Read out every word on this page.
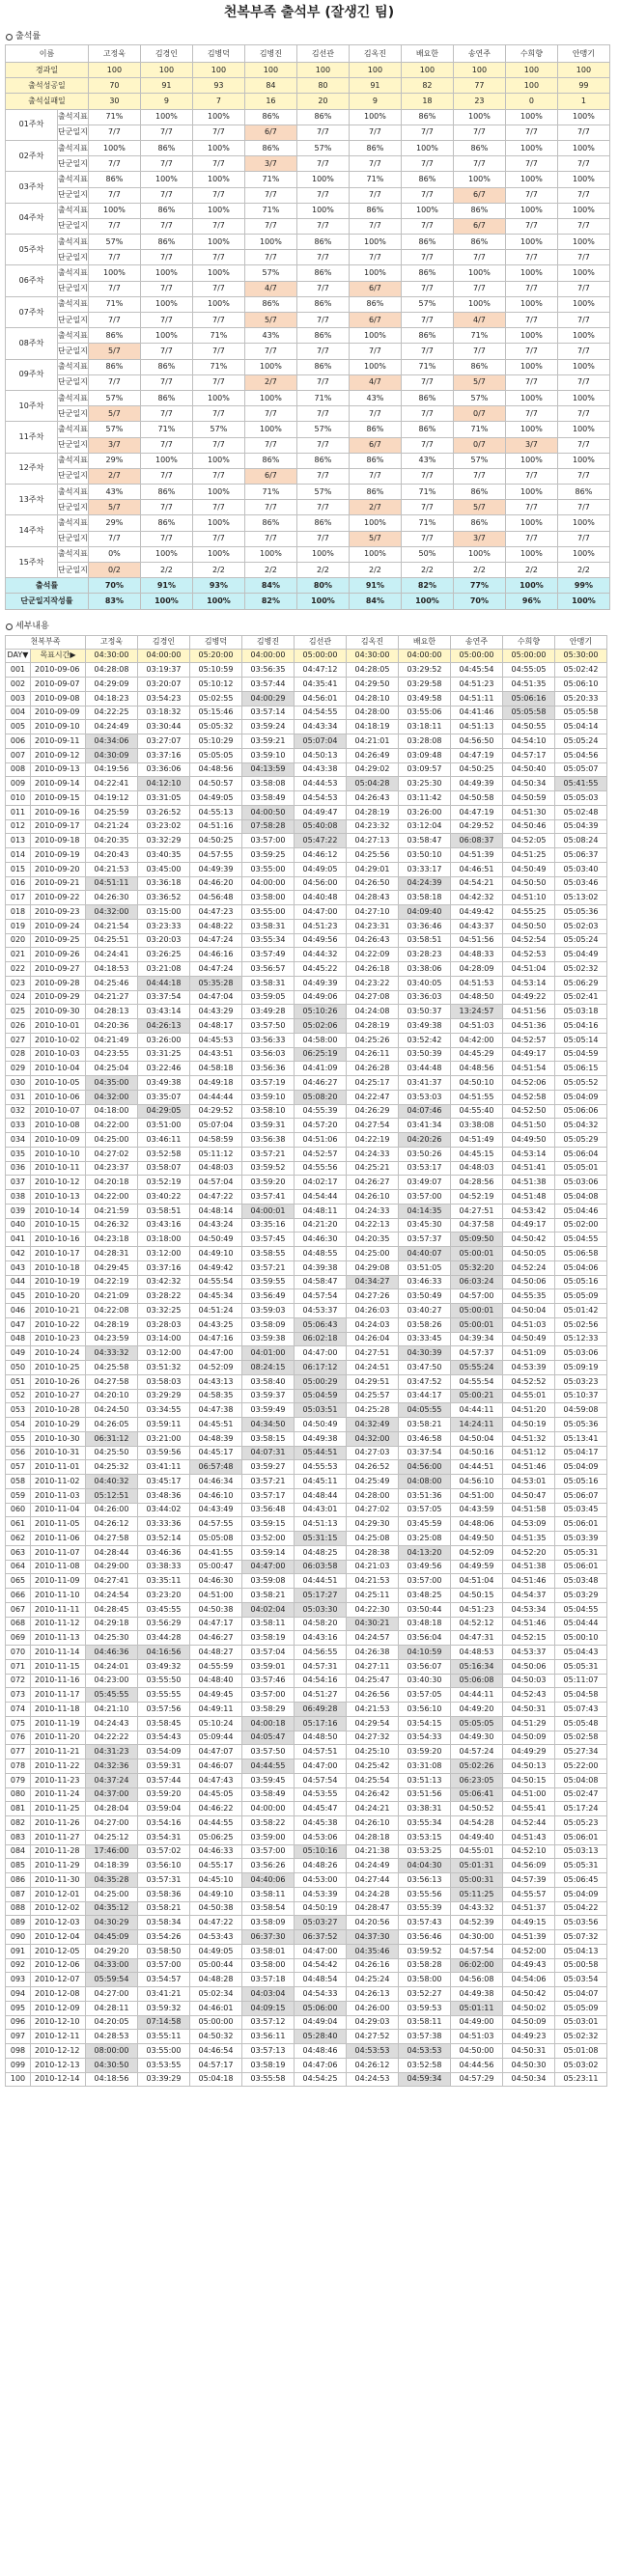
천복부족 출석부 (잘생긴 팀)
출석률
이름		고정욱	김경인	김병덕	김병진	김선관	김옥진	배요한	송연주	수희향	안맹기
경과일		100	100	100	100	100	100	100	100	100	100
출석성공일		70	91	93	84	80	91	82	77	100	99
출석실패일		30	9	7	16	20	9	18	23	0	1
01주차	출석지표	71%	100%	100%	86%	86%	100%	86%	100%	100%	100%
	단군일지	7/7	7/7	7/7	6/7	7/7	7/7	7/7	7/7	7/7	7/7
02주차	출석지표	100%	86%	100%	86%	57%	86%	100%	86%	100%	100%
	단군일지	7/7	7/7	7/7	3/7	7/7	7/7	7/7	7/7	7/7	7/7
03주차	출석지표	86%	100%	100%	71%	100%	71%	86%	100%	100%	100%
	단군일지	7/7	7/7	7/7	7/7	7/7	7/7	7/7	6/7	7/7	7/7
04주차	출석지표	100%	86%	100%	71%	100%	86%	100%	86%	100%	100%
	단군일지	7/7	7/7	7/7	7/7	7/7	7/7	7/7	6/7	7/7	7/7
05주차	출석지표	57%	86%	100%	100%	86%	100%	86%	86%	100%	100%
	단군일지	7/7	7/7	7/7	7/7	7/7	7/7	7/7	7/7	7/7	7/7
06주차	출석지표	100%	100%	100%	57%	86%	100%	86%	100%	100%	100%
	단군일지	7/7	7/7	7/7	4/7	7/7	6/7	7/7	7/7	7/7	7/7
07주차	출석지표	71%	100%	100%	86%	86%	86%	57%	100%	100%	100%
	단군일지	7/7	7/7	7/7	5/7	7/7	6/7	7/7	4/7	7/7	7/7
08주차	출석지표	86%	100%	71%	43%	86%	100%	86%	71%	100%	100%
	단군일지	5/7	7/7	7/7	7/7	7/7	7/7	7/7	7/7	7/7	7/7
09주차	출석지표	86%	86%	71%	100%	86%	100%	71%	86%	100%	100%
	단군일지	7/7	7/7	7/7	2/7	7/7	4/7	7/7	5/7	7/7	7/7
10주차	출석지표	57%	86%	100%	100%	71%	43%	86%	57%	100%	100%
	단군일지	5/7	7/7	7/7	7/7	7/7	7/7	7/7	0/7	7/7	7/7
11주차	출석지표	57%	71%	57%	100%	57%	86%	86%	71%	100%	100%
	단군일지	3/7	7/7	7/7	7/7	7/7	6/7	7/7	0/7	3/7	7/7
12주차	출석지표	29%	100%	100%	86%	86%	86%	43%	57%	100%	100%
	단군일지	2/7	7/7	7/7	6/7	7/7	7/7	7/7	7/7	7/7	7/7
13주차	출석지표	43%	86%	100%	71%	57%	86%	71%	86%	100%	86%
	단군일지	5/7	7/7	7/7	7/7	7/7	2/7	7/7	5/7	7/7	7/7
14주차	출석지표	29%	86%	100%	86%	86%	100%	71%	86%	100%	100%
	단군일지	7/7	7/7	7/7	7/7	7/7	5/7	7/7	3/7	7/7	7/7
15주차	출석지표	0%	100%	100%	100%	100%	100%	50%	100%	100%	100%
	단군일지	0/2	2/2	2/2	2/2	2/2	2/2	2/2	2/2	2/2	2/2
출석률		70%	91%	93%	84%	80%	91%	82%	77%	100%	99%
단군일지작성률		83%	100%	100%	82%	100%	84%	100%	70%	96%	100%
세부내용
천복부족		고정욱	김경인	김병덕	김병진	김선관	김옥진	배요한	송연주	수희향	안맹기
DAY▼	목표시간▶	04:30:00	04:00:00	05:20:00	04:00:00	05:00:00	04:30:00	04:00:00	05:00:00	05:00:00	05:30:00
001	2010-09-06	04:28:08	03:19:37	05:10:59	03:56:35	04:47:12	04:28:05	03:29:52	04:45:54	04:55:05	05:02:42
002	2010-09-07	04:29:09	03:20:07	05:10:12	03:57:44	04:35:41	04:29:50	03:29:58	04:51:23	04:51:35	05:06:10
003	2010-09-08	04:18:23	03:54:23	05:02:55	04:00:29	04:56:01	04:28:10	03:49:58	04:51:11	05:06:16	05:20:33
004	2010-09-09	04:22:25	03:18:32	05:15:46	03:57:14	04:54:55	04:28:00	03:55:06	04:41:46	05:05:58	05:05:58
005	2010-09-10	04:24:49	03:30:44	05:05:32	03:59:24	04:43:34	04:18:19	03:18:11	04:51:13	04:50:55	05:04:14
006	2010-09-11	04:34:06	03:27:07	05:10:29	03:59:21	05:07:04	04:21:01	03:28:08	04:56:50	04:54:10	05:05:24
007	2010-09-12	04:30:09	03:37:16	05:05:05	03:59:10	04:50:13	04:26:49	03:09:48	04:47:19	04:57:17	05:04:56
008	2010-09-13	04:19:56	03:36:06	04:48:56	04:13:59	04:43:38	04:29:02	03:09:57	04:50:25	04:50:40	05:05:07
009	2010-09-14	04:22:41	04:12:10	04:50:57	03:58:08	04:44:53	05:04:28	03:25:30	04:49:39	04:50:34	05:41:55
010	2010-09-15	04:19:12	03:31:05	04:49:05	03:58:49	04:54:53	04:26:43	03:11:42	04:50:58	04:50:59	05:05:03
011	2010-09-16	04:25:59	03:26:52	04:55:13	04:00:50	04:49:47	04:28:19	03:26:00	04:47:19	04:51:30	05:02:48
012	2010-09-17	04:21:24	03:23:02	04:51:16	07:58:28	05:40:08	04:23:32	03:12:04	04:29:52	04:50:46	05:04:39
013	2010-09-18	04:20:35	03:32:29	04:50:25	03:57:00	05:47:22	04:27:13	03:58:47	06:08:37	04:52:05	05:08:24
014	2010-09-19	04:20:43	03:40:35	04:57:55	03:59:25	04:46:12	04:25:56	03:50:10	04:51:39	04:51:25	05:06:37
015	2010-09-20	04:21:53	03:45:00	04:49:39	03:55:00	04:49:05	04:29:01	03:33:17	04:46:51	04:50:49	05:03:40
016	2010-09-21	04:51:11	03:36:18	04:46:20	04:00:00	04:56:00	04:26:50	04:24:39	04:54:21	04:50:50	05:03:46
017	2010-09-22	04:26:30	03:36:52	04:56:48	03:58:00	04:40:48	04:28:43	03:58:18	04:42:32	04:51:10	05:13:02
018	2010-09-23	04:32:00	03:15:00	04:47:23	03:55:00	04:47:00	04:27:10	04:09:40	04:49:42	04:55:25	05:05:36
019	2010-09-24	04:21:54	03:23:33	04:48:22	03:58:31	04:51:23	04:23:31	03:36:46	04:43:37	04:50:50	05:02:03
020	2010-09-25	04:25:51	03:20:03	04:47:24	03:55:34	04:49:56	04:26:43	03:58:51	04:51:56	04:52:54	05:05:24
021	2010-09-26	04:24:41	03:26:25	04:46:16	03:57:49	04:44:32	04:22:09	03:28:23	04:48:33	04:52:53	05:04:49
022	2010-09-27	04:18:53	03:21:08	04:47:24	03:56:57	04:45:22	04:26:18	03:38:06	04:28:09	04:51:04	05:02:32
023	2010-09-28	04:25:46	04:44:18	05:35:28	03:58:31	04:49:39	04:23:22	03:40:05	04:51:53	04:53:14	05:06:29
024	2010-09-29	04:21:27	03:37:54	04:47:04	03:59:05	04:49:06	04:27:08	03:36:03	04:48:50	04:49:22	05:02:41
025	2010-09-30	04:28:13	03:43:14	04:43:29	03:49:28	05:10:26	04:24:08	03:50:37	13:24:57	04:51:56	05:03:18
026	2010-10-01	04:20:36	04:26:13	04:48:17	03:57:50	05:02:06	04:28:19	03:49:38	04:51:03	04:51:36	05:04:16
027	2010-10-02	04:21:49	03:26:00	04:45:53	03:56:33	04:58:00	04:25:26	03:52:42	04:42:00	04:52:57	05:05:14
028	2010-10-03	04:23:55	03:31:25	04:43:51	03:56:03	06:25:19	04:26:11	03:50:39	04:45:29	04:49:17	05:04:59
029	2010-10-04	04:25:04	03:22:46	04:58:18	03:56:36	04:41:09	04:26:28	03:44:48	04:48:56	04:51:54	05:06:15
030	2010-10-05	04:35:00	03:49:38	04:49:18	03:57:19	04:46:27	04:25:17	03:41:37	04:50:10	04:52:06	05:05:52
031	2010-10-06	04:32:00	03:35:07	04:44:44	03:59:10	05:08:20	04:22:47	03:53:03	04:51:55	04:52:58	05:04:09
032	2010-10-07	04:18:00	04:29:05	04:29:52	03:58:10	04:55:39	04:26:29	04:07:46	04:55:40	04:52:50	05:06:06
033	2010-10-08	04:22:00	03:51:00	05:07:04	03:59:31	04:57:20	04:27:54	03:41:34	03:38:08	04:51:50	05:04:32
034	2010-10-09	04:25:00	03:46:11	04:58:59	03:56:38	04:51:06	04:22:19	04:20:26	04:51:49	04:49:50	05:05:29
035	2010-10-10	04:27:02	03:52:58	05:11:12	03:57:21	04:52:57	04:24:33	03:50:26	04:45:15	04:53:14	05:06:04
036	2010-10-11	04:23:37	03:58:07	04:48:03	03:59:52	04:55:56	04:25:21	03:53:17	04:48:03	04:51:41	05:05:01
037	2010-10-12	04:20:18	03:52:19	04:57:04	03:59:20	04:02:17	04:26:27	03:49:07	04:28:56	04:51:38	05:03:06
038	2010-10-13	04:22:00	03:40:22	04:47:22	03:57:41	04:54:44	04:26:10	03:57:00	04:52:19	04:51:48	05:04:08
039	2010-10-14	04:21:59	03:58:51	04:48:14	04:00:01	04:48:11	04:24:33	04:14:35	04:27:51	04:53:42	05:04:46
040	2010-10-15	04:26:32	03:43:16	04:43:24	03:35:16	04:21:20	04:22:13	03:45:30	04:37:58	04:49:17	05:02:00
041	2010-10-16	04:23:18	03:18:00	04:50:49	03:57:45	04:46:30	04:20:35	03:57:37	05:09:50	04:50:42	05:04:55
042	2010-10-17	04:28:31	03:12:00	04:49:10	03:58:55	04:48:55	04:25:00	04:40:07	05:00:01	04:50:05	05:06:58
043	2010-10-18	04:29:45	03:37:16	04:49:42	03:57:21	04:39:38	04:29:08	03:51:05	05:32:20	04:52:24	05:04:06
044	2010-10-19	04:22:19	03:42:32	04:55:54	03:59:55	04:58:47	04:34:27	03:46:33	06:03:24	04:50:06	05:05:16
045	2010-10-20	04:21:09	03:28:22	04:45:34	03:56:49	04:57:54	04:27:26	03:50:49	04:57:00	04:55:35	05:05:09
046	2010-10-21	04:22:08	03:32:25	04:51:24	03:59:03	04:53:37	04:26:03	03:40:27	05:00:01	04:50:04	05:01:42
047	2010-10-22	04:28:19	03:28:03	04:43:25	03:58:09	05:06:43	04:24:03	03:58:26	05:00:01	04:51:03	05:02:56
048	2010-10-23	04:23:59	03:14:00	04:47:16	03:59:38	06:02:18	04:26:04	03:33:45	04:39:34	04:50:49	05:12:33
049	2010-10-24	04:33:32	03:12:00	04:47:00	04:01:00	04:47:00	04:27:51	04:30:39	04:57:37	04:51:09	05:03:06
050	2010-10-25	04:25:58	03:51:32	04:52:09	08:24:15	06:17:12	04:24:51	03:47:50	05:55:24	04:53:39	05:09:19
051	2010-10-26	04:27:58	03:58:03	04:43:13	03:58:40	05:00:29	04:29:51	03:47:52	04:55:54	04:52:52	05:03:23
052	2010-10-27	04:20:10	03:29:29	04:58:35	03:59:37	05:04:59	04:25:57	03:44:17	05:00:21	04:55:01	05:10:37
053	2010-10-28	04:24:50	03:34:55	04:47:38	03:59:49	05:03:51	04:25:28	04:05:55	04:44:11	04:51:20	04:59:08
054	2010-10-29	04:26:05	03:59:11	04:45:51	04:34:50	04:50:49	04:32:49	03:58:21	14:24:11	04:50:19	05:05:36
055	2010-10-30	06:31:12	03:21:00	04:48:39	03:58:15	04:49:38	04:32:00	03:46:58	04:50:04	04:51:32	05:13:41
056	2010-10-31	04:25:50	03:59:56	04:45:17	04:07:31	05:44:51	04:27:03	03:37:54	04:50:16	04:51:12	05:04:17
057	2010-11-01	04:25:32	03:41:11	06:57:48	03:59:27	04:55:53	04:26:52	04:56:00	04:44:51	04:51:46	05:04:09
058	2010-11-02	04:40:32	03:45:17	04:46:34	03:57:21	04:45:11	04:25:49	04:08:00	04:56:10	04:53:01	05:05:16
059	2010-11-03	05:12:51	03:48:36	04:46:10	03:57:17	04:48:44	04:28:00	03:51:36	04:51:00	04:50:47	05:06:07
060	2010-11-04	04:26:00	03:44:02	04:43:49	03:56:48	04:43:01	04:27:02	03:57:05	04:43:59	04:51:58	05:03:45
061	2010-11-05	04:26:12	03:33:36	04:57:55	03:59:15	04:51:13	04:29:30	03:45:59	04:48:06	04:53:09	05:06:01
062	2010-11-06	04:27:58	03:52:14	05:05:08	03:52:00	05:31:15	04:25:08	03:25:08	04:49:50	04:51:35	05:03:39
063	2010-11-07	04:28:44	03:46:36	04:41:55	03:59:14	04:48:25	04:28:38	04:13:20	04:52:09	04:52:20	05:05:31
064	2010-11-08	04:29:00	03:38:33	05:00:47	04:47:00	06:03:58	04:21:03	03:49:56	04:49:59	04:51:38	05:06:01
065	2010-11-09	04:27:41	03:35:11	04:46:30	03:59:08	04:44:51	04:21:53	03:57:00	04:51:04	04:51:46	05:03:48
066	2010-11-10	04:24:54	03:23:20	04:51:00	03:58:21	05:17:27	04:25:11	03:48:25	04:50:15	04:54:37	05:03:29
067	2010-11-11	04:28:45	03:45:55	04:50:38	04:02:04	05:03:30	04:22:30	03:50:44	04:51:23	04:53:34	05:04:55
068	2010-11-12	04:29:18	03:56:29	04:47:17	03:58:11	04:58:20	04:30:21	03:48:18	04:52:12	04:51:46	05:04:44
069	2010-11-13	04:25:30	03:44:28	04:46:27	03:58:19	04:43:16	04:24:57	03:56:04	04:47:31	04:52:15	05:00:10
070	2010-11-14	04:46:36	04:16:56	04:48:27	03:57:04	04:56:55	04:26:38	04:10:59	04:48:53	04:53:37	05:04:43
071	2010-11-15	04:24:01	03:49:32	04:55:59	03:59:01	04:57:31	04:27:11	03:56:07	05:16:34	04:50:06	05:05:31
072	2010-11-16	04:23:00	03:55:50	04:48:40	03:57:46	04:54:16	04:25:47	03:40:30	05:06:08	04:50:03	05:11:07
073	2010-11-17	05:45:55	03:55:55	04:49:45	03:57:00	04:51:27	04:26:56	03:57:05	04:44:11	04:52:43	05:04:58
074	2010-11-18	04:21:10	03:57:56	04:49:11	03:58:29	06:49:28	04:21:53	03:56:10	04:49:20	04:50:31	05:07:43
075	2010-11-19	04:24:43	03:58:45	05:10:24	04:00:18	05:17:16	04:29:54	03:54:15	05:05:05	04:51:29	05:05:48
076	2010-11-20	04:22:22	03:54:43	05:09:44	04:05:47	04:48:50	04:27:32	03:54:33	04:49:30	04:50:09	05:02:58
077	2010-11-21	04:31:23	03:54:09	04:47:07	03:57:50	04:57:51	04:25:10	03:59:20	04:57:24	04:49:29	05:27:34
078	2010-11-22	04:32:36	03:59:31	04:46:07	04:44:55	04:47:00	04:25:42	03:31:08	05:02:26	04:50:13	05:22:00
079	2010-11-23	04:37:24	03:57:44	04:47:43	03:59:45	04:57:54	04:25:54	03:51:13	06:23:05	04:50:15	05:04:08
080	2010-11-24	04:37:00	03:59:20	04:45:05	03:58:49	04:53:55	04:26:42	03:51:56	05:06:41	04:51:00	05:02:47
081	2010-11-25	04:28:04	03:59:04	04:46:22	04:00:00	04:45:47	04:24:21	03:38:31	04:50:52	04:55:41	05:17:24
082	2010-11-26	04:27:00	03:54:16	04:44:55	03:58:22	04:45:38	04:26:10	03:55:34	04:54:28	04:52:44	05:05:23
083	2010-11-27	04:25:12	03:54:31	05:06:25	03:59:00	04:53:06	04:28:18	03:53:15	04:49:40	04:51:43	05:06:01
084	2010-11-28	17:46:00	03:57:02	04:46:33	03:57:00	05:10:16	04:21:38	03:53:25	04:55:01	04:52:10	05:03:13
085	2010-11-29	04:18:39	03:56:10	04:55:17	03:56:26	04:48:26	04:24:49	04:04:30	05:01:31	04:56:09	05:05:31
086	2010-11-30	04:35:28	03:57:31	04:45:10	04:40:06	04:53:00	04:27:44	03:56:13	05:00:31	04:57:39	05:06:45
087	2010-12-01	04:25:00	03:58:36	04:49:10	03:58:11	04:53:39	04:24:28	03:55:56	05:11:25	04:55:57	05:04:09
088	2010-12-02	04:35:12	03:58:21	04:50:38	03:58:54	04:50:19	04:28:47	03:55:39	04:43:32	04:51:37	05:04:22
089	2010-12-03	04:30:29	03:58:34	04:47:22	03:58:09	05:03:27	04:20:56	03:57:43	04:52:39	04:49:15	05:03:56
090	2010-12-04	04:45:09	03:54:26	04:53:43	06:37:30	06:37:52	04:37:30	03:56:46	04:30:00	04:51:39	05:07:32
091	2010-12-05	04:29:20	03:58:50	04:49:05	03:58:01	04:47:00	04:35:46	03:59:52	04:57:54	04:52:00	05:04:13
092	2010-12-06	04:33:00	03:57:00	05:00:44	03:58:00	04:54:42	04:26:16	03:58:28	06:02:00	04:49:43	05:00:58
093	2010-12-07	05:59:54	03:54:57	04:48:28	03:57:18	04:48:54	04:25:24	03:58:00	04:56:08	04:54:06	05:03:54
094	2010-12-08	04:27:00	03:41:21	05:02:34	04:03:04	04:54:33	04:26:13	03:52:27	04:49:38	04:50:42	05:04:07
095	2010-12-09	04:28:11	03:59:32	04:46:01	04:09:15	05:06:00	04:26:00	03:59:53	05:01:11	04:50:02	05:05:09
096	2010-12-10	04:20:05	07:14:58	05:00:00	03:57:12	04:49:04	04:29:03	03:58:11	04:49:00	04:50:09	05:03:01
097	2010-12-11	04:28:53	03:55:11	04:50:32	03:56:11	05:28:40	04:27:52	03:57:38	04:51:03	04:49:23	05:02:32
098	2010-12-12	08:00:00	03:55:00	04:46:54	03:57:13	04:48:46	04:53:53	04:53:53	04:50:00	04:50:31	05:01:08
099	2010-12-13	04:30:50	03:53:55	04:57:17	03:58:19	04:47:06	04:26:12	03:52:58	04:44:56	04:50:30	05:03:02
100	2010-12-14	04:18:56	03:39:29	05:04:18	03:55:58	04:54:25	04:24:53	04:59:34	04:57:29	04:50:34	05:23:11
